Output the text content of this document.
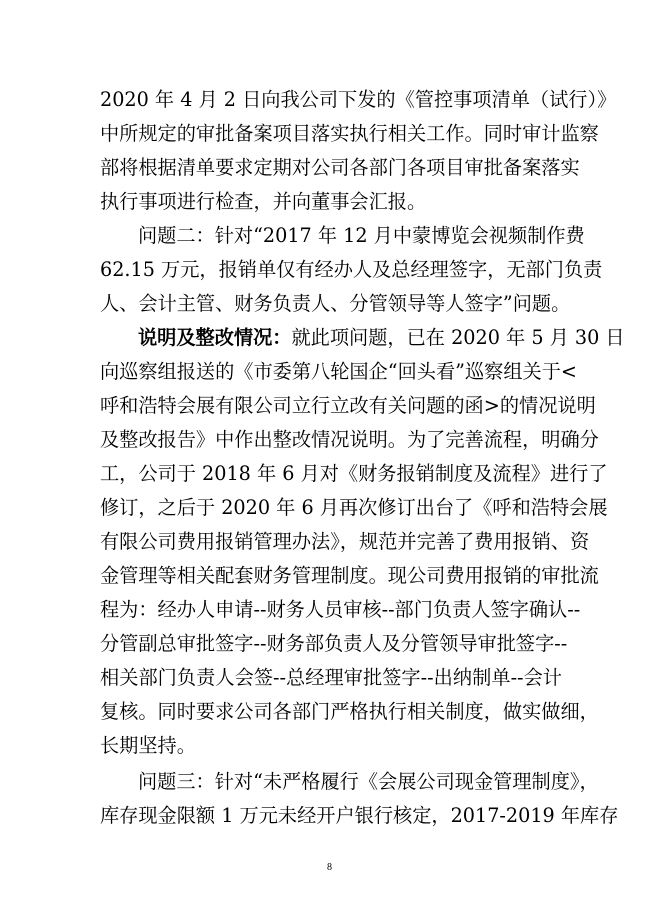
2020 年 4 月 2 日向我公司下发的《管控事项清单（试行）》
中所规定的审批备案项目落实执行相关工作。同时审计监察
部将根据清单要求定期对公司各部门各项目审批备案落实
执行事项进行检查，并向董事会汇报。
问题二：针对“2017 年 12 月中蒙博览会视频制作费
62.15 万元，报销单仅有经办人及总经理签字，无部门负责
人、会计主管、财务负责人、分管领导等人签字”问题。
说明及整改情况：就此项问题，已在 2020 年 5 月 30 日
向巡察组报送的《市委第八轮国企“回头看”巡察组关于<
呼和浩特会展有限公司立行立改有关问题的函>的情况说明
及整改报告》中作出整改情况说明。为了完善流程，明确分
工，公司于 2018 年 6 月对《财务报销制度及流程》进行了
修订，之后于 2020 年 6 月再次修订出台了《呼和浩特会展
有限公司费用报销管理办法》，规范并完善了费用报销、资
金管理等相关配套财务管理制度。现公司费用报销的审批流
程为：经办人申请--财务人员审核--部门负责人签字确认--
分管副总审批签字--财务部负责人及分管领导审批签字--
相关部门负责人会签--总经理审批签字--出纳制单--会计
复核。同时要求公司各部门严格执行相关制度，做实做细，
长期坚持。
问题三：针对“未严格履行《会展公司现金管理制度》，
库存现金限额 1 万元未经开户银行核定，2017-2019 年库存
8
